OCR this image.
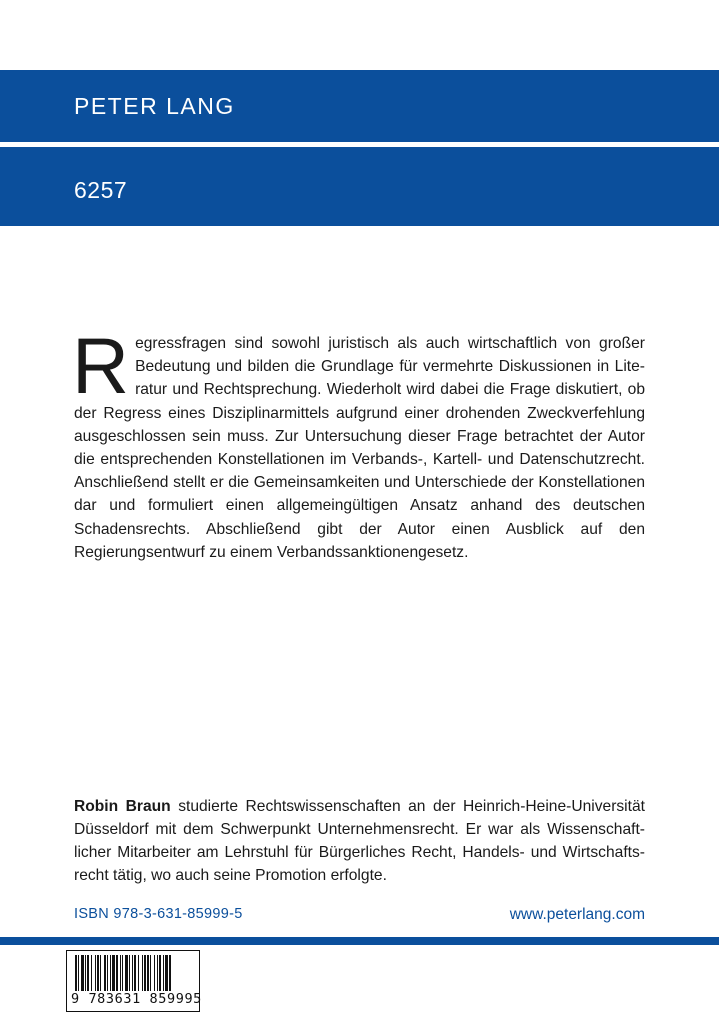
PETER LANG
6257

Regressfragen sind sowohl juristisch als auch wirtschaftlich von großer Bedeutung und bilden die Grundlage für vermehrte Diskussionen in Literatur und Rechtsprechung. Wiederholt wird dabei die Frage diskutiert, ob der Regress eines Disziplinarmittels aufgrund einer drohenden Zweckverfehlung ausgeschlossen sein muss. Zur Untersuchung dieser Frage betrachtet der Autor die entsprechenden Konstellationen im Verbands-, Kartell- und Datenschutzrecht. Anschließend stellt er die Gemeinsamkeiten und Unterschiede der Konstellationen dar und formuliert einen allgemeingültigen Ansatz anhand des deutschen Schadensrechts. Abschließend gibt der Autor einen Ausblick auf den Regierungsentwurf zu einem Verbandssanktionengesetz.

Robin Braun studierte Rechtswissenschaften an der Heinrich-Heine-Universität Düsseldorf mit dem Schwerpunkt Unternehmensrecht. Er war als Wissenschaftlicher Mitarbeiter am Lehrstuhl für Bürgerliches Recht, Handels- und Wirtschaftsrecht tätig, wo auch seine Promotion erfolgte.

ISBN 978-3-631-85999-5	www.peterlang.com
9 783631 859995
